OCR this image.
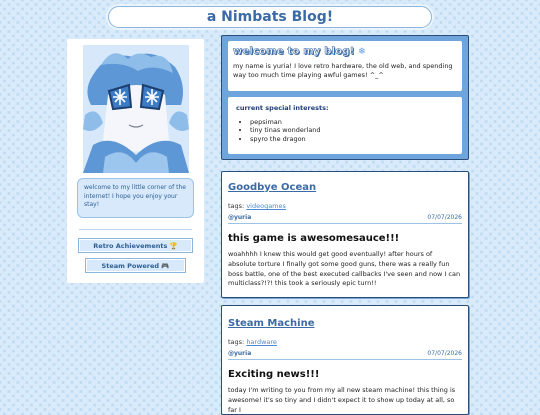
a Nimbats Blog!
welcome to my little corner of the internet! I hope you enjoy your stay!
Retro Achievements 🏆
Steam Powered 🎮
welcome to my blog! ❄
my name is yuria! I love retro hardware, the old web, and spending way too much time playing awful games! ^_^
current special interests:
• pepsiman
• tiny tinas wonderland
• spyro the dragon
Goodbye Ocean
tags: videogames
@yuria	07/07/2026
this game is awesomesauce!!!
woahhhh I knew this would get good eventually! after hours of absolute torture I finally got some good guns, there was a really fun boss battle, one of the best executed callbacks I've seen and now I can multiclass?!?! this took a seriously epic turn!!
Steam Machine
tags: hardware
@yuria	07/07/2026
Exciting news!!!
today I'm writing to you from my all new steam machine! this thing is awesome! it's so tiny and I didn't expect it to show up today at all, so far I
